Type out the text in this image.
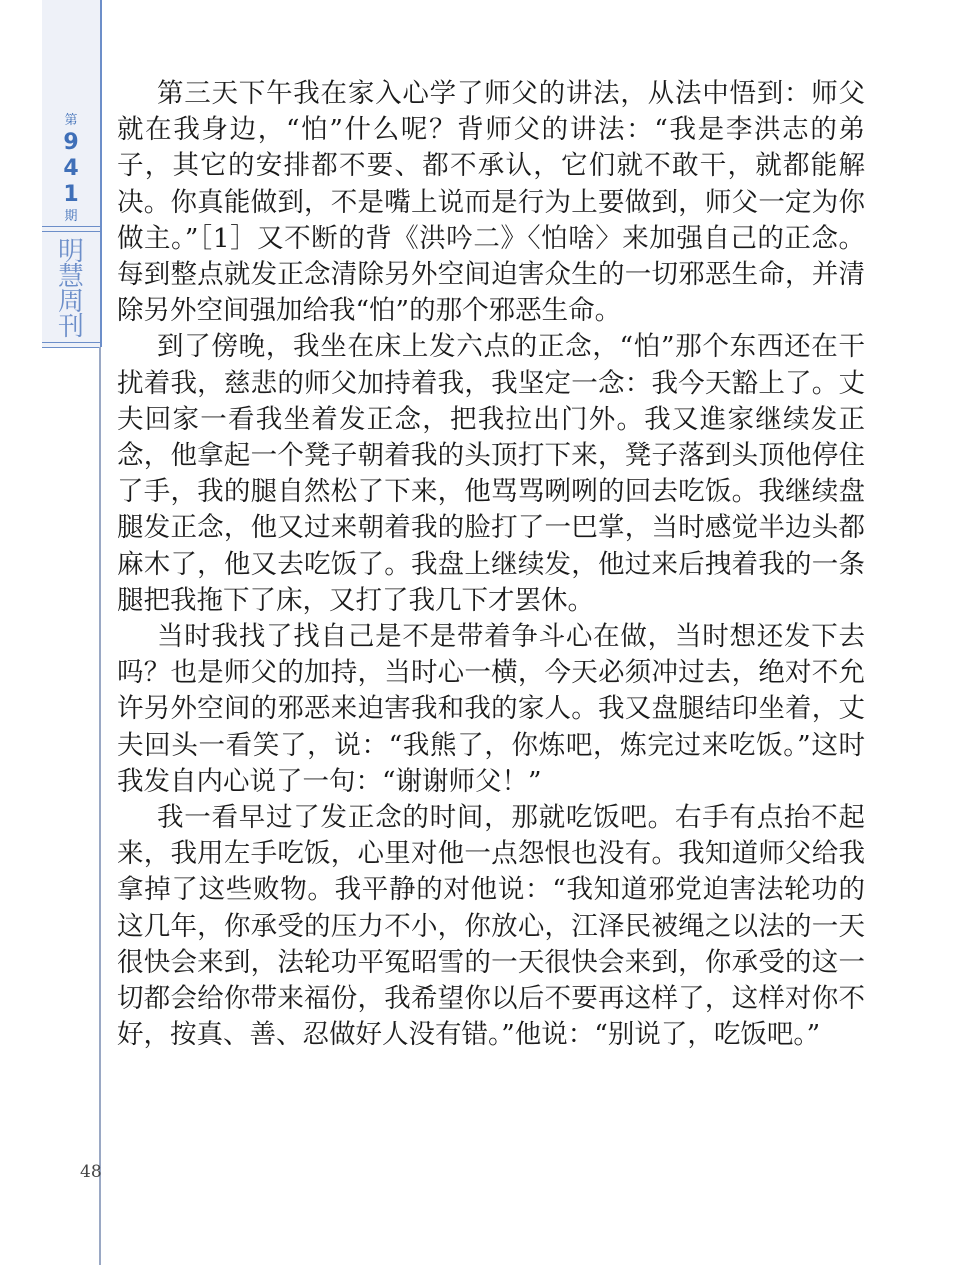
第
9
4
1
期
明
慧
周
刊
48

第三天下午我在家入心学了师父的讲法，从法中悟到：师父就在我身边，“怕”什么呢？背师父的讲法：“我是李洪志的弟子，其它的安排都不要、都不承认，它们就不敢干，就都能解决。你真能做到，不是嘴上说而是行为上要做到，师父一定为你做主。”［1］又不断的背《洪吟二》〈怕啥〉来加强自己的正念。每到整点就发正念清除另外空间迫害众生的一切邪恶生命，并清除另外空间强加给我“怕”的那个邪恶生命。

到了傍晚，我坐在床上发六点的正念，“怕”那个东西还在干扰着我，慈悲的师父加持着我，我坚定一念：我今天豁上了。丈夫回家一看我坐着发正念，把我拉出门外。我又進家继续发正念，他拿起一个凳子朝着我的头顶打下来，凳子落到头顶他停住了手，我的腿自然松了下来，他骂骂咧咧的回去吃饭。我继续盘腿发正念，他又过来朝着我的脸打了一巴掌，当时感觉半边头都麻木了，他又去吃饭了。我盘上继续发，他过来后拽着我的一条腿把我拖下了床，又打了我几下才罢休。

当时我找了找自己是不是带着争斗心在做，当时想还发下去吗？也是师父的加持，当时心一横，今天必须冲过去，绝对不允许另外空间的邪恶来迫害我和我的家人。我又盘腿结印坐着，丈夫回头一看笑了，说：“我熊了，你炼吧，炼完过来吃饭。”这时我发自内心说了一句：“谢谢师父！”

我一看早过了发正念的时间，那就吃饭吧。右手有点抬不起来，我用左手吃饭，心里对他一点怨恨也没有。我知道师父给我拿掉了这些败物。我平静的对他说：“我知道邪党迫害法轮功的这几年，你承受的压力不小，你放心，江泽民被绳之以法的一天很快会来到，法轮功平冤昭雪的一天很快会来到，你承受的这一切都会给你带来福份，我希望你以后不要再这样了，这样对你不好，按真、善、忍做好人没有错。”他说：“别说了，吃饭吧。”
